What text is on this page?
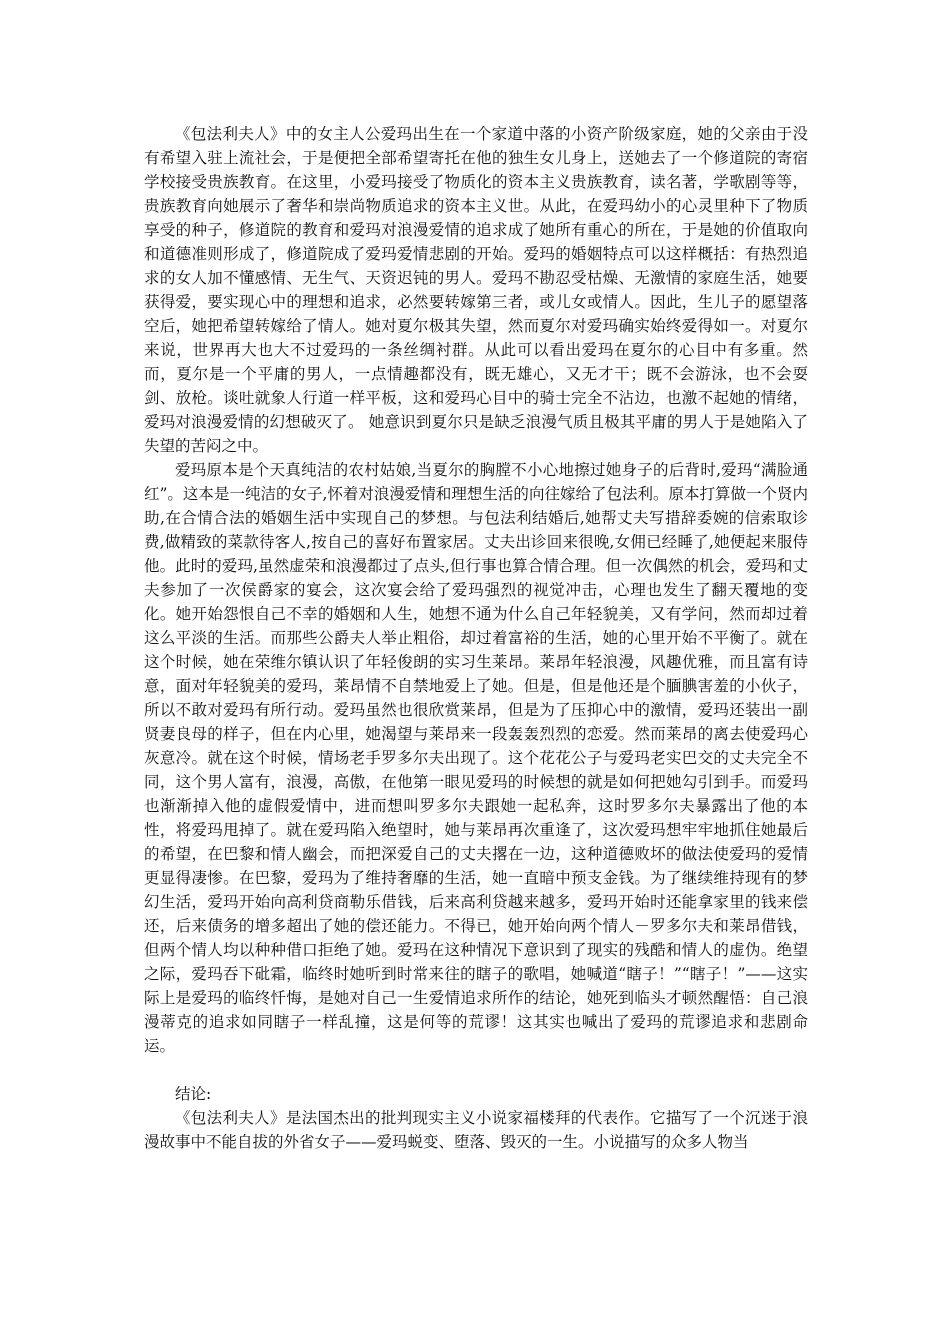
《包法利夫人》中的女主人公爱玛出生在一个家道中落的小资产阶级家庭，她的父亲由于没有希望入驻上流社会，于是便把全部希望寄托在他的独生女儿身上，送她去了一个修道院的寄宿学校接受贵族教育。在这里，小爱玛接受了物质化的资本主义贵族教育，读名著，学歌剧等等，贵族教育向她展示了奢华和崇尚物质追求的资本主义世。从此，在爱玛幼小的心灵里种下了物质享受的种子，修道院的教育和爱玛对浪漫爱情的追求成了她所有重心的所在，于是她的价值取向和道德准则形成了，修道院成了爱玛爱情悲剧的开始。爱玛的婚姻特点可以这样概括：有热烈追求的女人加不懂感情、无生气、天资迟钝的男人。爱玛不勘忍受枯燥、无激情的家庭生活，她要获得爱，要实现心中的理想和追求，必然要转嫁第三者，或儿女或情人。因此，生儿子的愿望落空后，她把希望转嫁给了情人。她对夏尔极其失望，然而夏尔对爱玛确实始终爱得如一。对夏尔来说，世界再大也大不过爱玛的一条丝绸衬群。从此可以看出爱玛在夏尔的心目中有多重。然而，夏尔是一个平庸的男人，一点情趣都没有，既无雄心，又无才干；既不会游泳，也不会耍剑、放枪。谈吐就象人行道一样平板，这和爱玛心目中的骑士完全不沾边，也激不起她的情绪， 爱玛对浪漫爱情的幻想破灭了。 她意识到夏尔只是缺乏浪漫气质且极其平庸的男人于是她陷入了失望的苦闷之中。

爱玛原本是个天真纯洁的农村姑娘,当夏尔的胸膛不小心地擦过她身子的后背时,爱玛“满脸通红”。这本是一纯洁的女子,怀着对浪漫爱情和理想生活的向往嫁给了包法利。原本打算做一个贤内助,在合情合法的婚姻生活中实现自己的梦想。与包法利结婚后,她帮丈夫写措辞委婉的信索取诊费,做精致的菜款待客人,按自己的喜好布置家居。丈夫出诊回来很晚,女佣已经睡了,她便起来服侍他。此时的爱玛,虽然虚荣和浪漫都过了点头,但行事也算合情合理。但一次偶然的机会，爱玛和丈夫参加了一次侯爵家的宴会，这次宴会给了爱玛强烈的视觉冲击，心理也发生了翻天覆地的变化。她开始怨恨自己不幸的婚姻和人生，她想不通为什么自己年轻貌美，又有学问，然而却过着这么平淡的生活。而那些公爵夫人举止粗俗，却过着富裕的生活，她的心里开始不平衡了。就在这个时候，她在荣维尔镇认识了年轻俊朗的实习生莱昂。莱昂年轻浪漫，风趣优雅，而且富有诗意，面对年轻貌美的爱玛，莱昂情不自禁地爱上了她。但是，但是他还是个腼腆害羞的小伙子，所以不敢对爱玛有所行动。爱玛虽然也很欣赏莱昂，但是为了压抑心中的激情，爱玛还装出一副贤妻良母的样子，但在内心里，她渴望与莱昂来一段轰轰烈烈的恋爱。然而莱昂的离去使爱玛心灰意冷。就在这个时候，情场老手罗多尔夫出现了。这个花花公子与爱玛老实巴交的丈夫完全不同，这个男人富有，浪漫，高傲，在他第一眼见爱玛的时候想的就是如何把她勾引到手。而爱玛也渐渐掉入他的虚假爱情中，进而想叫罗多尔夫跟她一起私奔，这时罗多尔夫暴露出了他的本性，将爱玛甩掉了。就在爱玛陷入绝望时，她与莱昂再次重逢了，这次爱玛想牢牢地抓住她最后的希望，在巴黎和情人幽会，而把深爱自己的丈夫撂在一边，这种道德败坏的做法使爱玛的爱情更显得凄惨。在巴黎，爱玛为了维持奢靡的生活，她一直暗中预支金钱。为了继续维持现有的梦幻生活，爱玛开始向高利贷商勒乐借钱，后来高利贷越来越多，爱玛开始时还能拿家里的钱来偿还，后来债务的增多超出了她的偿还能力。不得已，她开始向两个情人－罗多尔夫和莱昂借钱，但两个情人均以种种借口拒绝了她。爱玛在这种情况下意识到了现实的残酷和情人的虚伪。绝望之际，爱玛吞下砒霜，临终时她听到时常来往的瞎子的歌唱，她喊道“瞎子！”“瞎子！”——这实际上是爱玛的临终忏悔，是她对自己一生爱情追求所作的结论，她死到临头才顿然醒悟：自己浪漫蒂克的追求如同瞎子一样乱撞，这是何等的荒谬！这其实也喊出了爱玛的荒谬追求和悲剧命运。

结论:

《包法利夫人》是法国杰出的批判现实主义小说家福楼拜的代表作。它描写了一个沉迷于浪漫故事中不能自拔的外省女子——爱玛蜕变、堕落、毁灭的一生。小说描写的众多人物当
